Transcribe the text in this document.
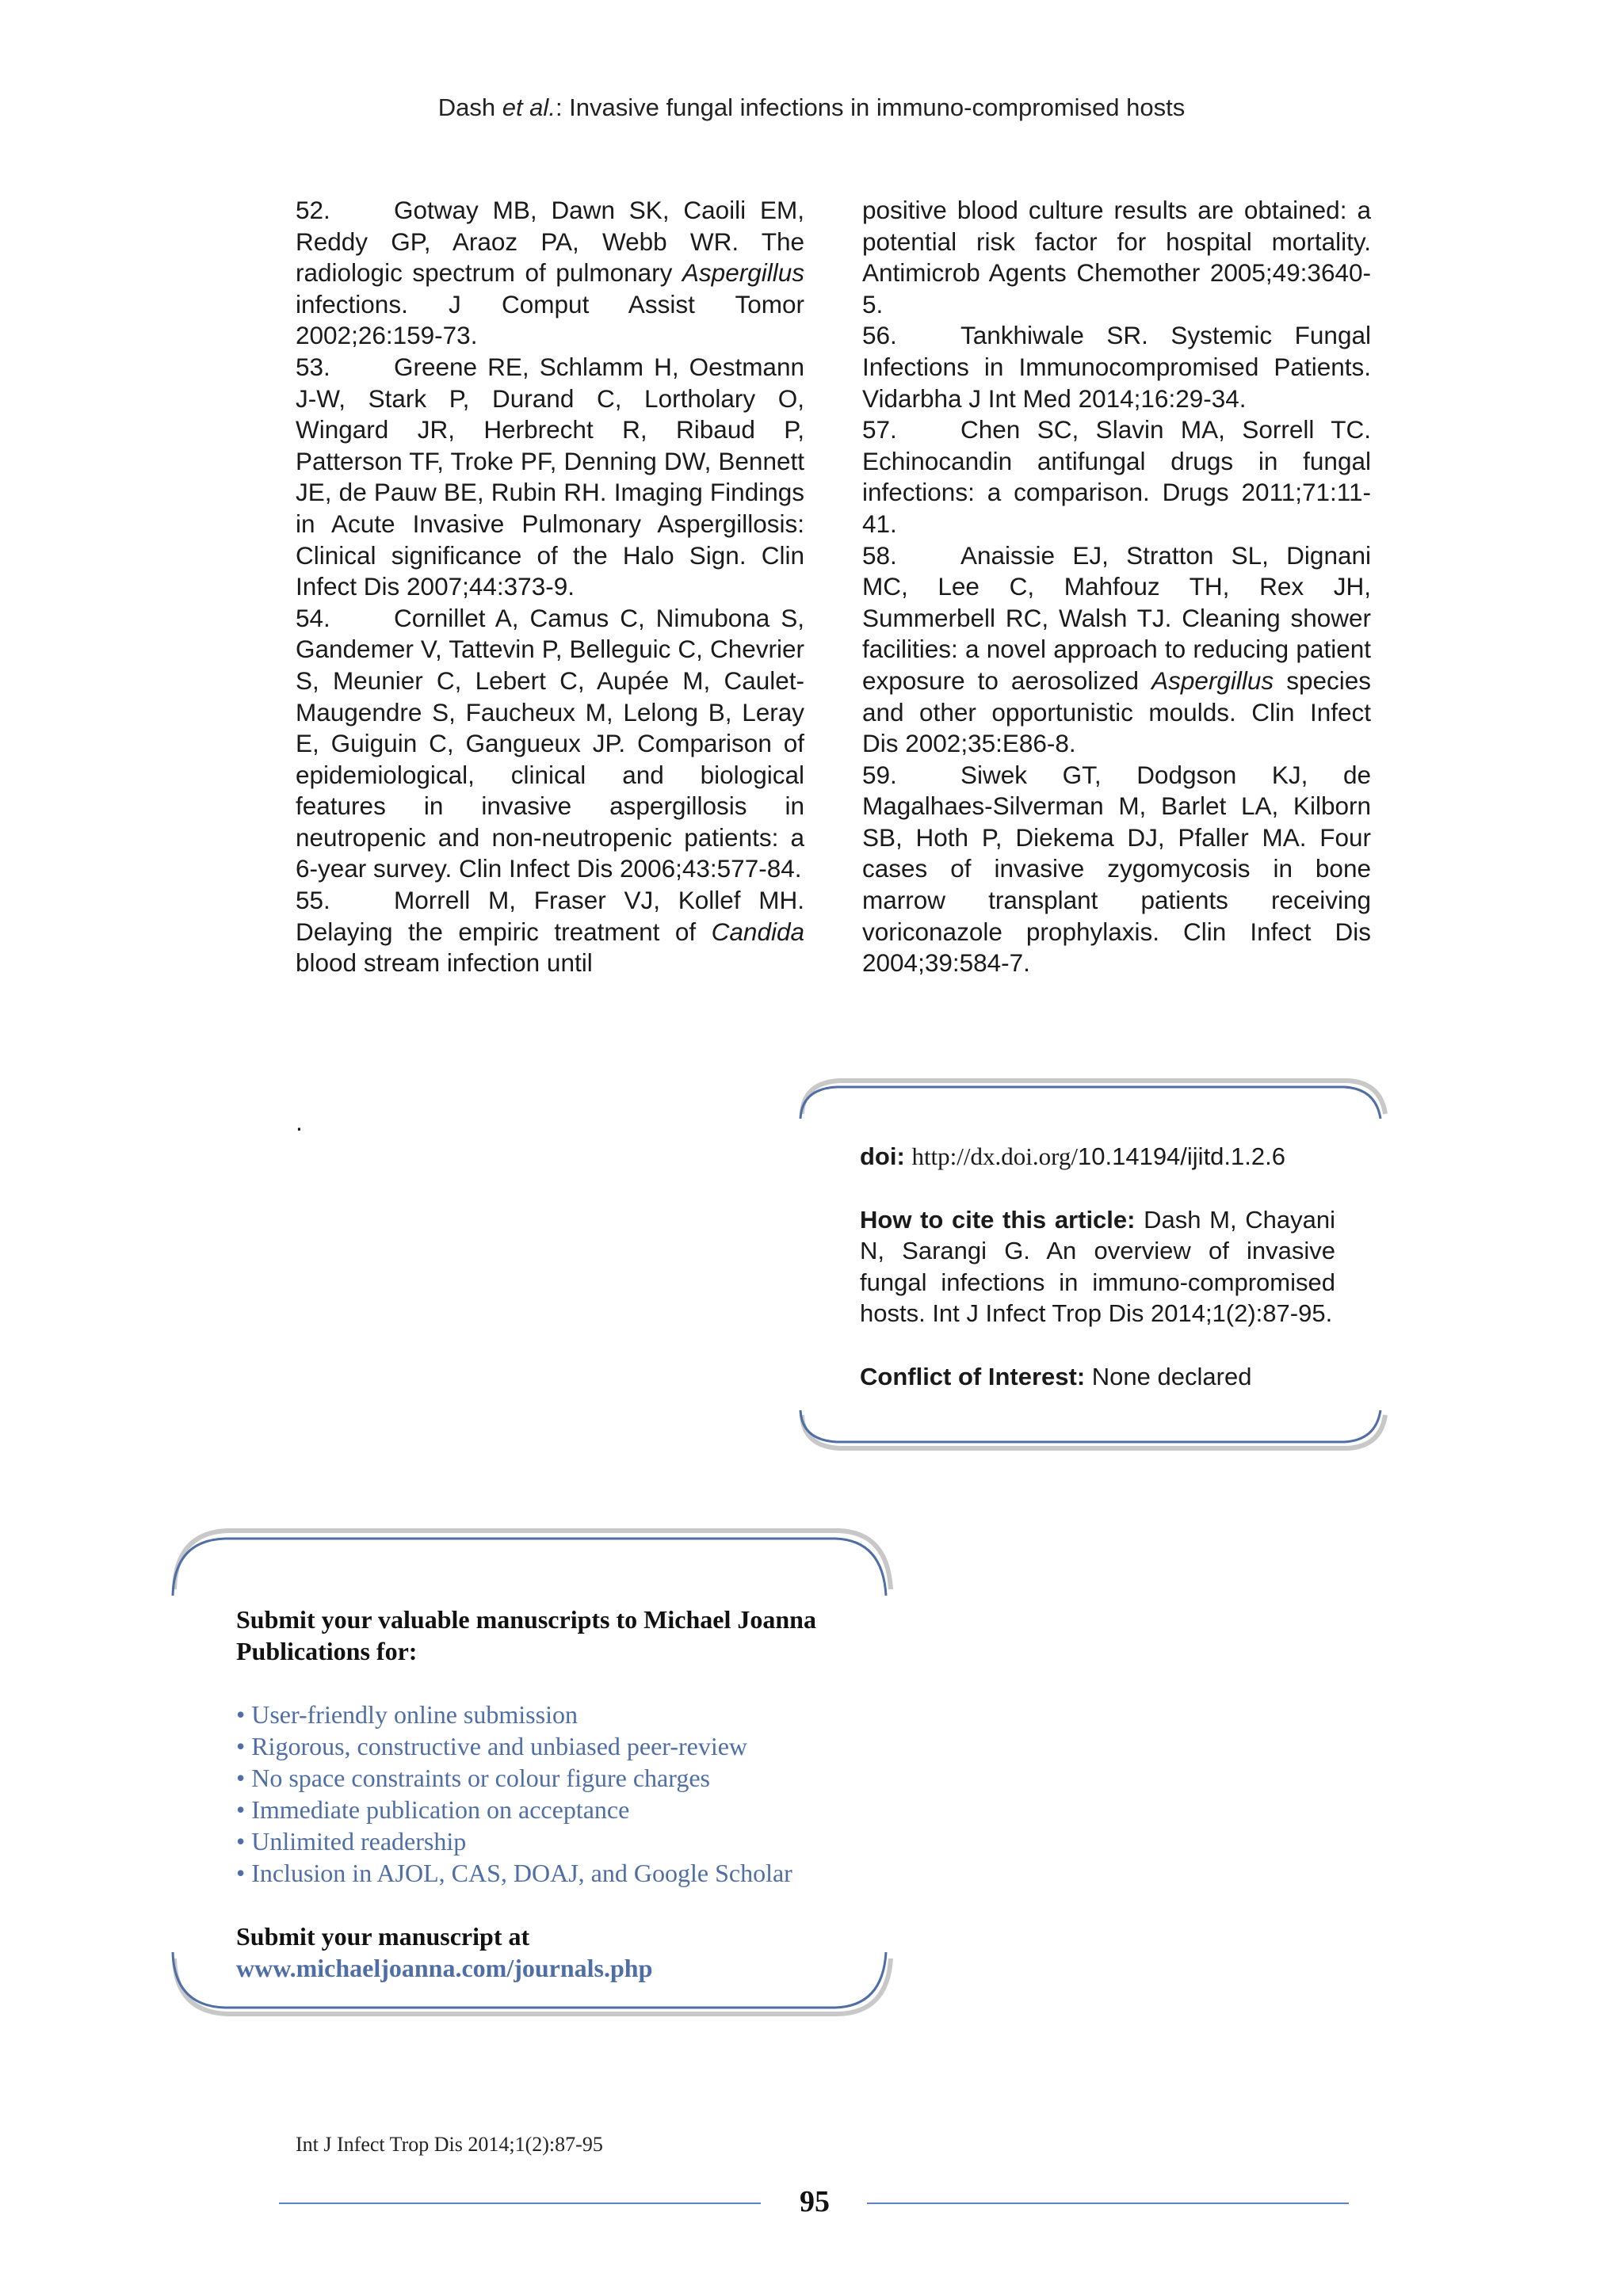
Dash et al.: Invasive fungal infections in immuno-compromised hosts

52.	Gotway MB, Dawn SK, Caoili EM, Reddy GP, Araoz PA, Webb WR. The radiologic spectrum of pulmonary Aspergillus infections. J Comput Assist Tomor 2002;26:159-73.

53.	Greene RE, Schlamm H, Oestmann J-W, Stark P, Durand C, Lortholary O, Wingard JR, Herbrecht R, Ribaud P, Patterson TF, Troke PF, Denning DW, Bennett JE, de Pauw BE, Rubin RH. Imaging Findings in Acute Invasive Pulmonary Aspergillosis: Clinical significance of the Halo Sign. Clin Infect Dis 2007;44:373-9.

54.	Cornillet A, Camus C, Nimubona S, Gandemer V, Tattevin P, Belleguic C, Chevrier S, Meunier C, Lebert C, Aupée M, Caulet-Maugendre S, Faucheux M, Lelong B, Leray E, Guiguin C, Gangueux JP. Comparison of epidemiological, clinical and biological features in invasive aspergillosis in neutropenic and non-neutropenic patients: a 6-year survey. Clin Infect Dis 2006;43:577-84.

55.	Morrell M, Fraser VJ, Kollef MH. Delaying the empiric treatment of Candida blood stream infection until

positive blood culture results are obtained: a potential risk factor for hospital mortality. Antimicrob Agents Chemother 2005;49:3640-5.

56.	Tankhiwale SR. Systemic Fungal Infections in Immunocompromised Patients. Vidarbha J Int Med 2014;16:29-34.

57.	Chen SC, Slavin MA, Sorrell TC. Echinocandin antifungal drugs in fungal infections: a comparison. Drugs 2011;71:11-41.

58.	Anaissie EJ, Stratton SL, Dignani MC, Lee C, Mahfouz TH, Rex JH, Summerbell RC, Walsh TJ. Cleaning shower facilities: a novel approach to reducing patient exposure to aerosolized Aspergillus species and other opportunistic moulds. Clin Infect Dis 2002;35:E86-8.

59.	Siwek GT, Dodgson KJ, de Magalhaes-Silverman M, Barlet LA, Kilborn SB, Hoth P, Diekema DJ, Pfaller MA. Four cases of invasive zygomycosis in bone marrow transplant patients receiving voriconazole prophylaxis. Clin Infect Dis 2004;39:584-7.

.

doi: http://dx.doi.org/10.14194/ijitd.1.2.6

How to cite this article: Dash M, Chayani N, Sarangi G. An overview of invasive fungal infections in immuno-compromised hosts. Int J Infect Trop Dis 2014;1(2):87-95.

Conflict of Interest: None declared

Submit your valuable manuscripts to Michael Joanna Publications for:

• User-friendly online submission
• Rigorous, constructive and unbiased peer-review
• No space constraints or colour figure charges
• Immediate publication on acceptance
• Unlimited readership
• Inclusion in AJOL, CAS, DOAJ, and Google Scholar

Submit your manuscript at

www.michaeljoanna.com/journals.php

Int J Infect Trop Dis 2014;1(2):87-95
95
